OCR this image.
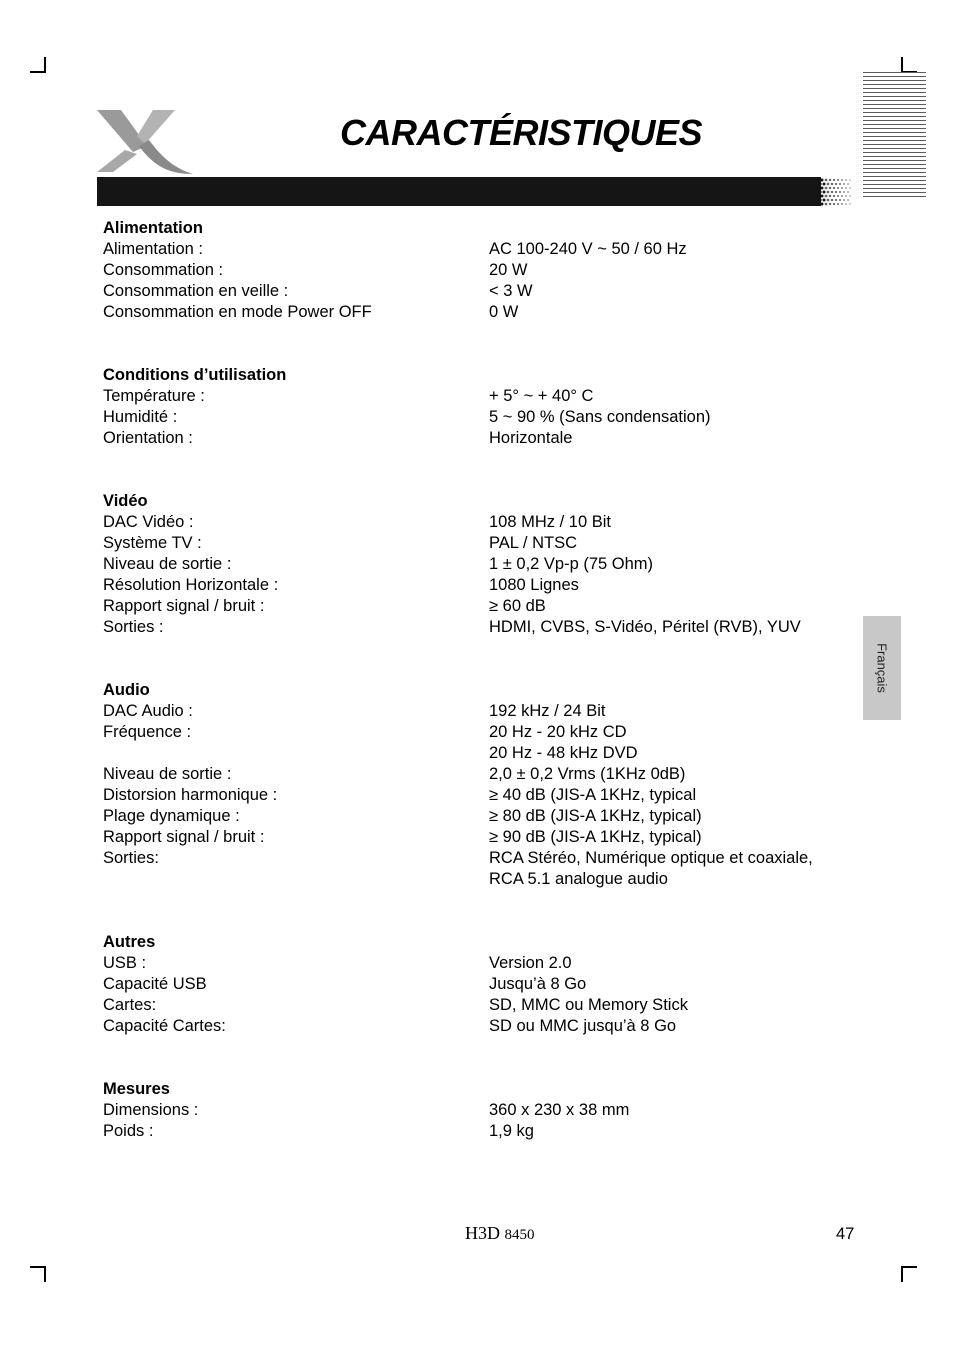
CARACTÉRISTIQUES
Français
Alimentation
Alimentation :	AC 100-240 V ~ 50 / 60 Hz
Consommation :	20 W
Consommation en veille :	< 3 W
Consommation en mode Power OFF	0 W
Conditions d’utilisation
Température :	+ 5° ~ + 40° C
Humidité :	5 ~ 90 % (Sans condensation)
Orientation :	Horizontale
Vidéo
DAC Vidéo :	108 MHz / 10 Bit
Système TV :	PAL / NTSC
Niveau de sortie :	1 ± 0,2 Vp-p (75 Ohm)
Résolution Horizontale :	1080 Lignes
Rapport signal / bruit :	≥ 60 dB
Sorties :	HDMI, CVBS, S-Vidéo, Péritel (RVB), YUV
Audio
DAC Audio :	192 kHz / 24 Bit
Fréquence :	20 Hz - 20 kHz CD
20 Hz - 48 kHz DVD
Niveau de sortie :	2,0 ± 0,2 Vrms (1KHz 0dB)
Distorsion harmonique :	≥ 40 dB (JIS-A 1KHz, typical
Plage dynamique :	≥ 80 dB (JIS-A 1KHz, typical)
Rapport signal / bruit :	≥ 90 dB (JIS-A 1KHz, typical)
Sorties:	RCA Stéréo, Numérique optique et coaxiale,
RCA 5.1 analogue audio
Autres
USB :	Version 2.0
Capacité USB	Jusqu’à 8 Go
Cartes:	SD, MMC ou Memory Stick
Capacité Cartes:	SD ou MMC jusqu’à 8 Go
Mesures
Dimensions :	360 x 230 x 38 mm
Poids :	1,9 kg
H3D 8450	47
